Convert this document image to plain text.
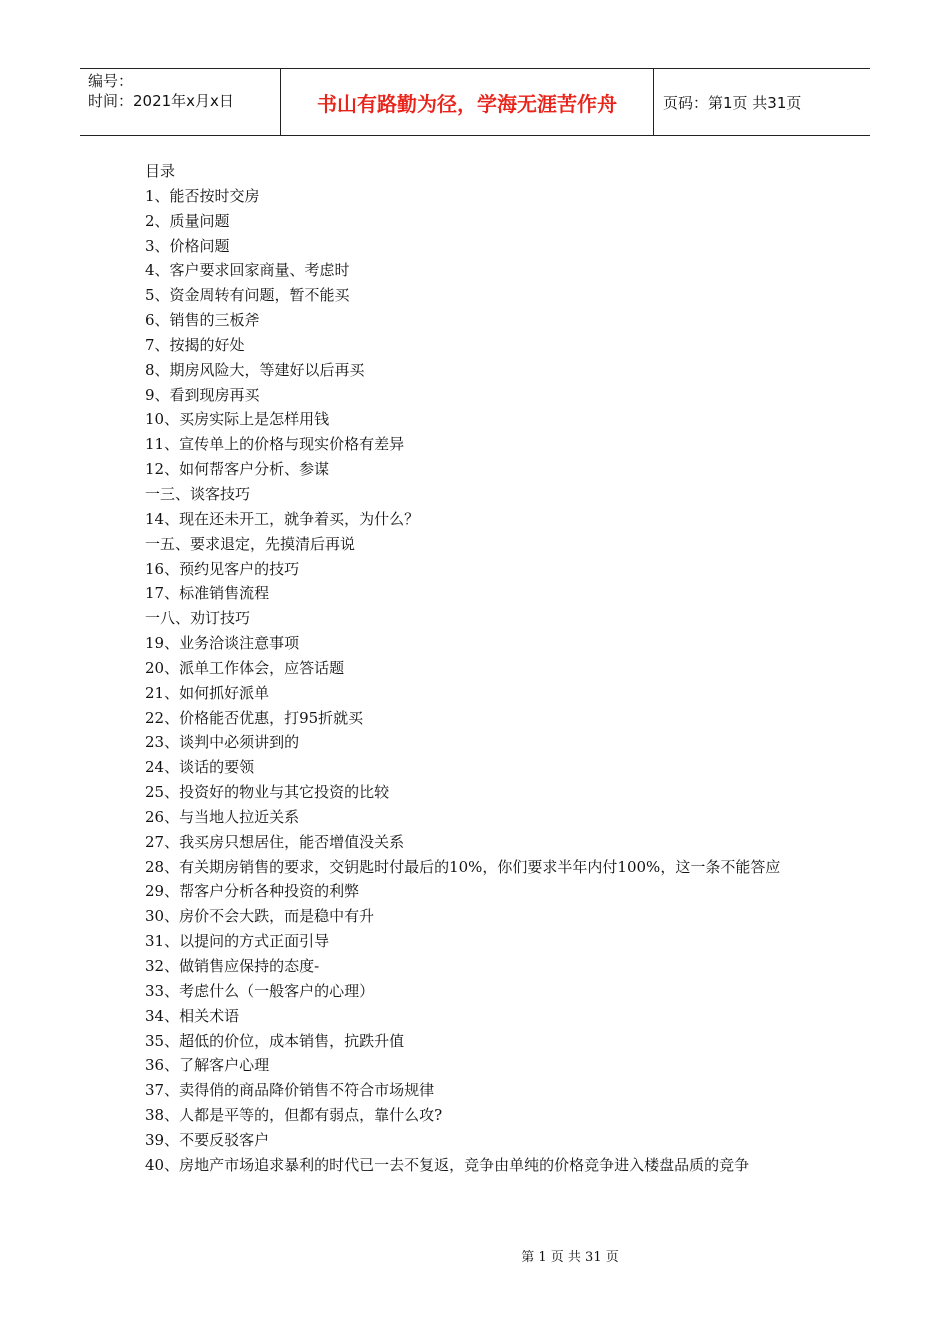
编号：
时间：2021年x月x日	书山有路勤为径，学海无涯苦作舟	页码：第1页 共31页
目录
1、能否按时交房
2、质量问题
3、价格问题
4、客户要求回家商量、考虑时
5、资金周转有问题，暂不能买
6、销售的三板斧
7、按揭的好处
8、期房风险大，等建好以后再买
9、看到现房再买
10、买房实际上是怎样用钱
11、宣传单上的价格与现实价格有差异
12、如何帮客户分析、参谋
一三、谈客技巧
14、现在还未开工，就争着买，为什么？
一五、要求退定，先摸清后再说
16、预约见客户的技巧
17、标准销售流程
一八、劝订技巧
19、业务洽谈注意事项
20、派单工作体会，应答话题
21、如何抓好派单
22、价格能否优惠，打95折就买
23、谈判中必须讲到的
24、谈话的要领
25、投资好的物业与其它投资的比较
26、与当地人拉近关系
27、我买房只想居住，能否增值没关系
28、有关期房销售的要求，交钥匙时付最后的10%，你们要求半年内付100%，这一条不能答应
29、帮客户分析各种投资的利弊
30、房价不会大跌，而是稳中有升
31、以提问的方式正面引导
32、做销售应保持的态度-
33、考虑什么（一般客户的心理）
34、相关术语
35、超低的价位，成本销售，抗跌升值
36、了解客户心理
37、卖得俏的商品降价销售不符合市场规律
38、人都是平等的，但都有弱点，靠什么攻?
39、不要反驳客户
40、房地产市场追求暴利的时代已一去不复返，竞争由单纯的价格竞争进入楼盘品质的竞争
第 1 页 共 31 页
